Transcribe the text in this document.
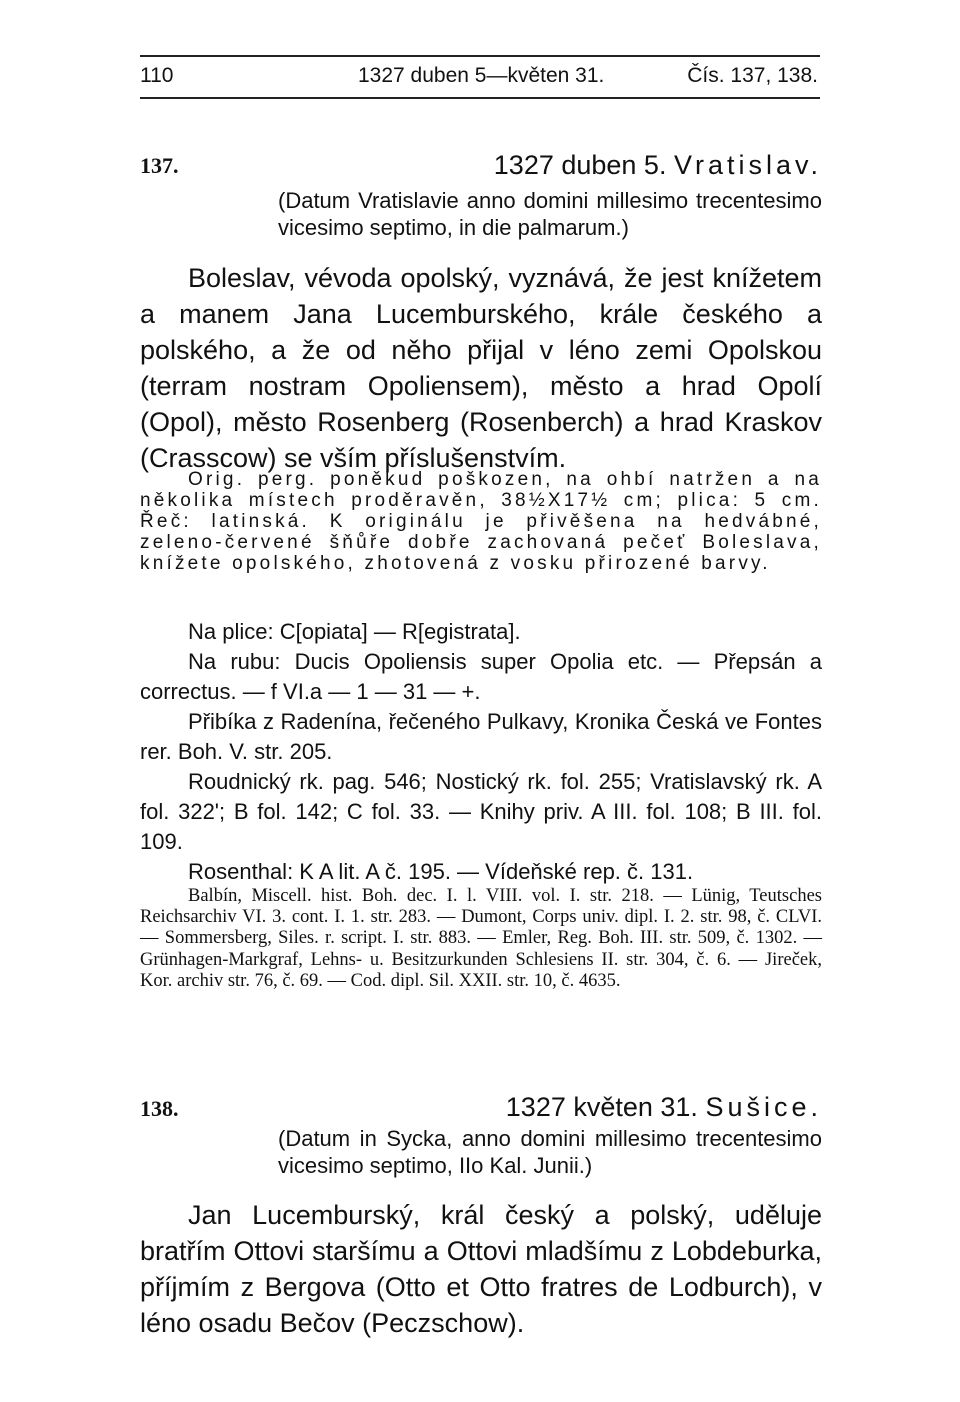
110	1327 duben 5—květen 31.	Čís. 137, 138.
137.	1327 duben 5. Vratislav.
(Datum Vratislavie anno domini millesimo trecentesimo vicesimo septimo, in die palmarum.)
Boleslav, vévoda opolský, vyznává, že jest knížetem a manem Jana Lucemburského, krále českého a polského, a že od něho přijal v léno zemi Opolskou (terram nostram Opoliensem), město a hrad Opolí (Opol), město Rosenberg (Rosenberch) a hrad Kraskov (Crasscow) se vším příslušenstvím.
Orig. perg. poněkud poškozen, na ohbí natržen a na několika místech proděravěn, 38½X17½ cm; plica: 5 cm. Řeč: latinská. K originálu je přivěšena na hedvábné, zeleno-červené šňůře dobře zachovaná pečeť Boleslava, knížete opolského, zhotovená z vosku přirozené barvy.

Na plice: C[opiata] — R[egistrata].

Na rubu: Ducis Opoliensis super Opolia etc. — Přepsán a correctus. — f VI.a — 1 — 31 — +.

Přibíka z Radenína, řečeného Pulkavy, Kronika Česká ve Fontes rer. Boh. V. str. 205.

Roudnický rk. pag. 546; Nostický rk. fol. 255; Vratislavský rk. A fol. 322'; B fol. 142; C fol. 33. — Knihy priv. A III. fol. 108; B III. fol. 109.

Rosenthal: K A lit. A č. 195. — Vídeňské rep. č. 131.

Balbín, Miscell. hist. Boh. dec. I. l. VIII. vol. I. str. 218. — Lünig, Teutsches Reichsarchiv VI. 3. cont. I. 1. str. 283. — Dumont, Corps univ. dipl. I. 2. str. 98, č. CLVI. — Sommersberg, Siles. r. script. I. str. 883. — Emler, Reg. Boh. III. str. 509, č. 1302. — Grünhagen-Markgraf, Lehns- u. Besitzurkunden Schlesiens II. str. 304, č. 6. — Jireček, Kor. archiv str. 76, č. 69. — Cod. dipl. Sil. XXII. str. 10, č. 4635.
138.	1327 květen 31. Sušice.
(Datum in Sycka, anno domini millesimo trecentesimo vicesimo septimo, IIo Kal. Junii.)
Jan Lucemburský, král český a polský, uděluje bratřím Ottovi staršímu a Ottovi mladšímu z Lobdeburka, příjmím z Bergova (Otto et Otto fratres de Lodburch), v léno osadu Bečov (Peczschow).
